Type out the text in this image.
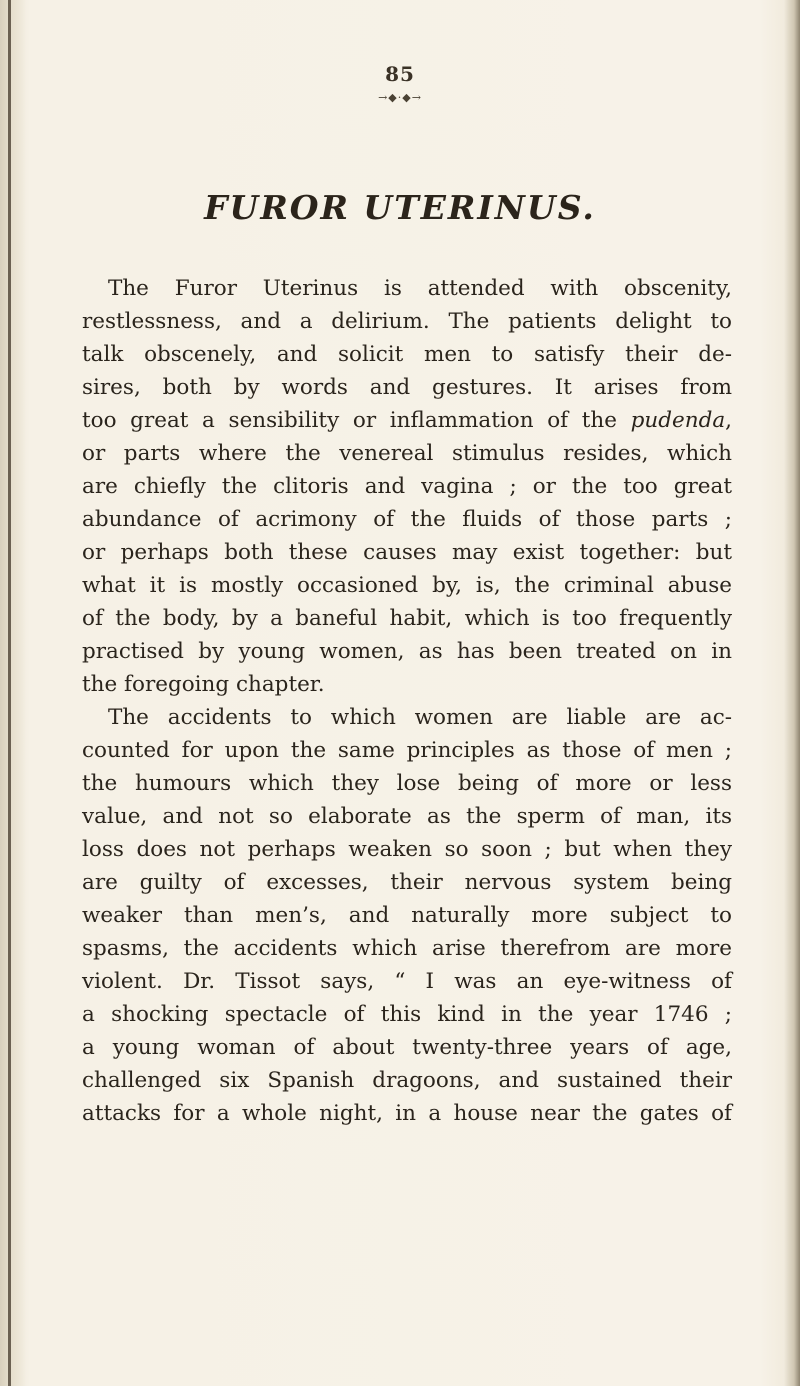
85
→◆·◆→
FUROR UTERINUS.
The Furor Uterinus is attended with obscenity,
restlessness, and a delirium. The patients delight to
talk obscenely, and solicit men to satisfy their de-
sires, both by words and gestures. It arises from
too great a sensibility or inflammation of the pudenda,
or parts where the venereal stimulus resides, which
are chiefly the clitoris and vagina ; or the too great
abundance of acrimony of the fluids of those parts ;
or perhaps both these causes may exist together: but
what it is mostly occasioned by, is, the criminal abuse
of the body, by a baneful habit, which is too frequently
practised by young women, as has been treated on in
the foregoing chapter.
The accidents to which women are liable are ac-
counted for upon the same principles as those of men ;
the humours which they lose being of more or less
value, and not so elaborate as the sperm of man, its
loss does not perhaps weaken so soon ; but when they
are guilty of excesses, their nervous system being
weaker than men’s, and naturally more subject to
spasms, the accidents which arise therefrom are more
violent. Dr. Tissot says, “ I was an eye-witness of
a shocking spectacle of this kind in the year 1746 ;
a young woman of about twenty-three years of age,
challenged six Spanish dragoons, and sustained their
attacks for a whole night, in a house near the gates of
